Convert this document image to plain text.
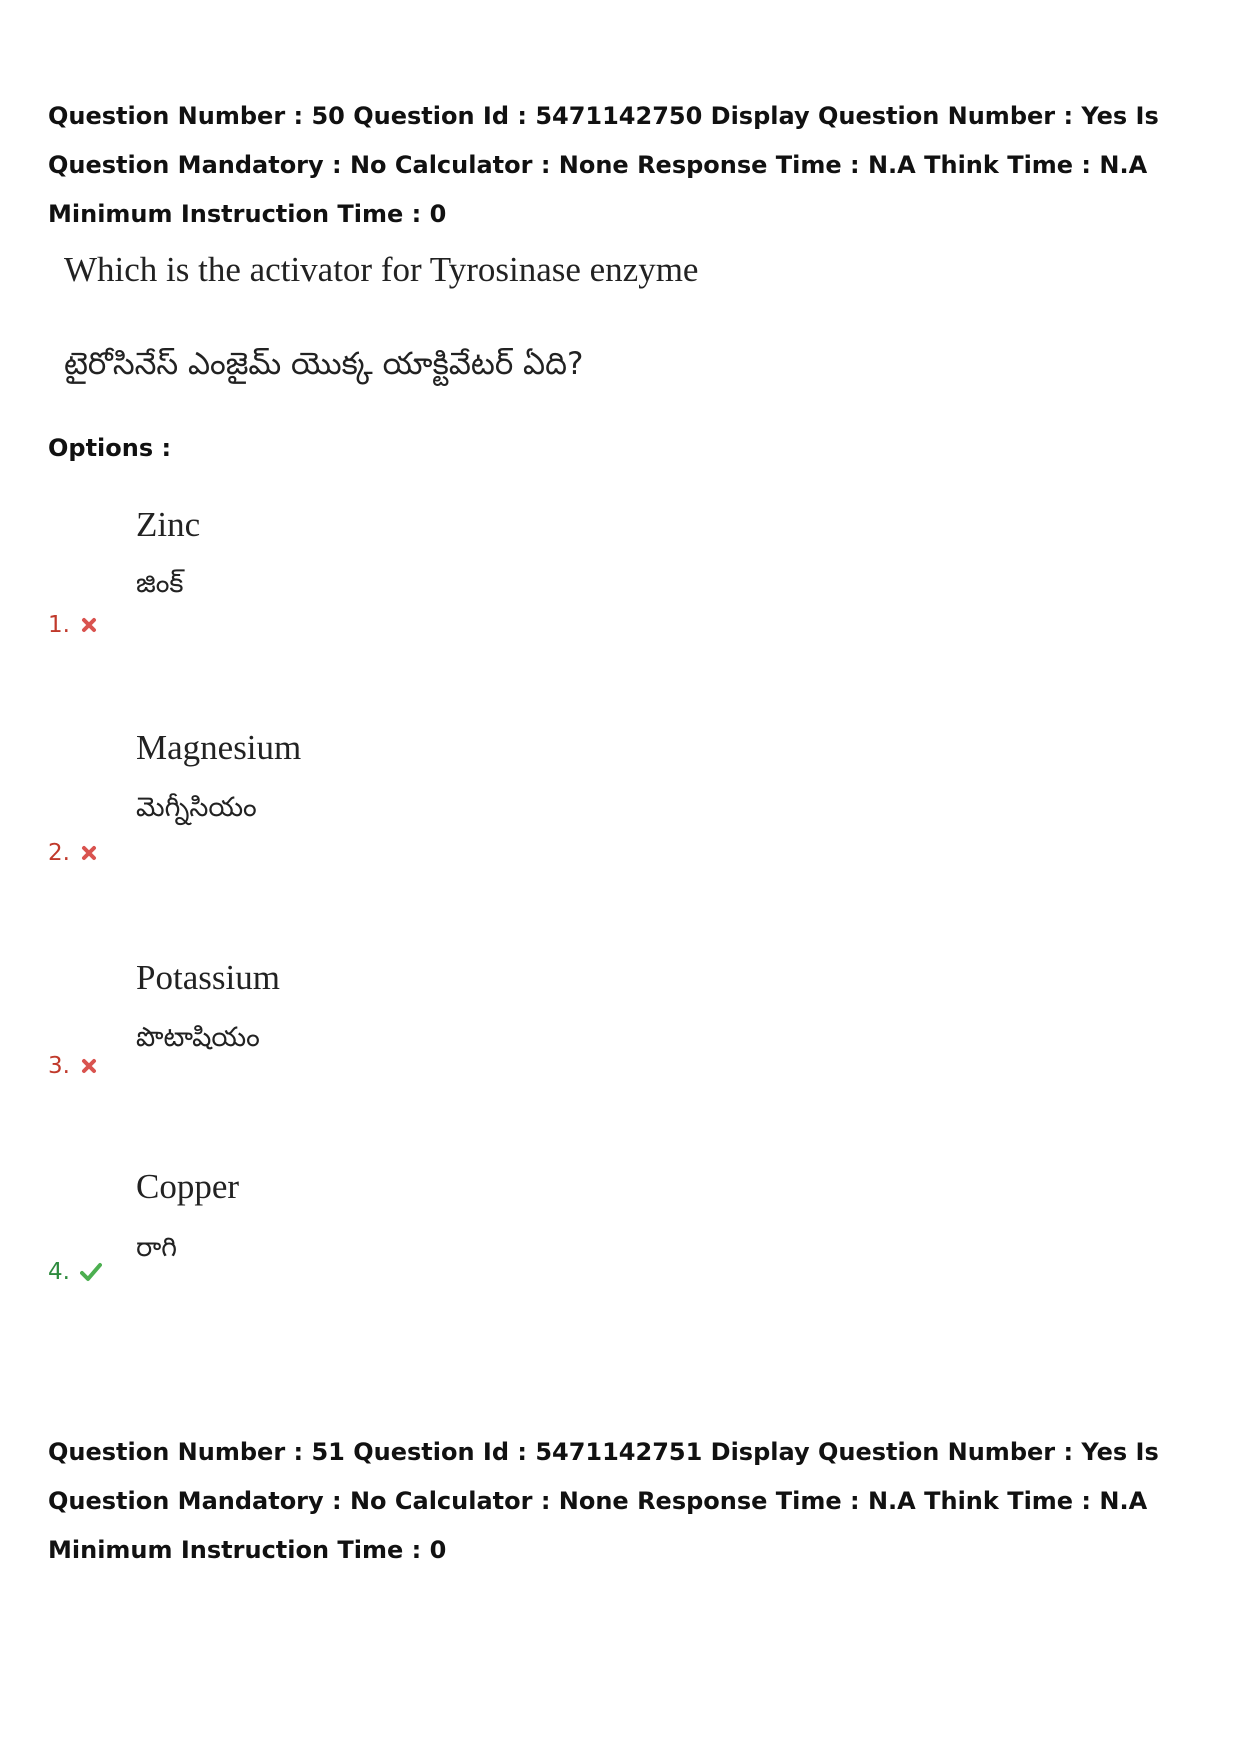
Question Number : 50 Question Id : 5471142750 Display Question Number : Yes Is Question Mandatory : No Calculator : None Response Time : N.A Think Time : N.A Minimum Instruction Time : 0
Which is the activator for Tyrosinase enzyme
టైరోసినేస్ ఎంజైమ్ యొక్క యాక్టివేటర్ ఏది?
Options :
Zinc
జింక్
1.
Magnesium
మెగ్నీసియం
2.
Potassium
పొటాషియం
3.
Copper
రాగి
4.
Question Number : 51 Question Id : 5471142751 Display Question Number : Yes Is Question Mandatory : No Calculator : None Response Time : N.A Think Time : N.A Minimum Instruction Time : 0
